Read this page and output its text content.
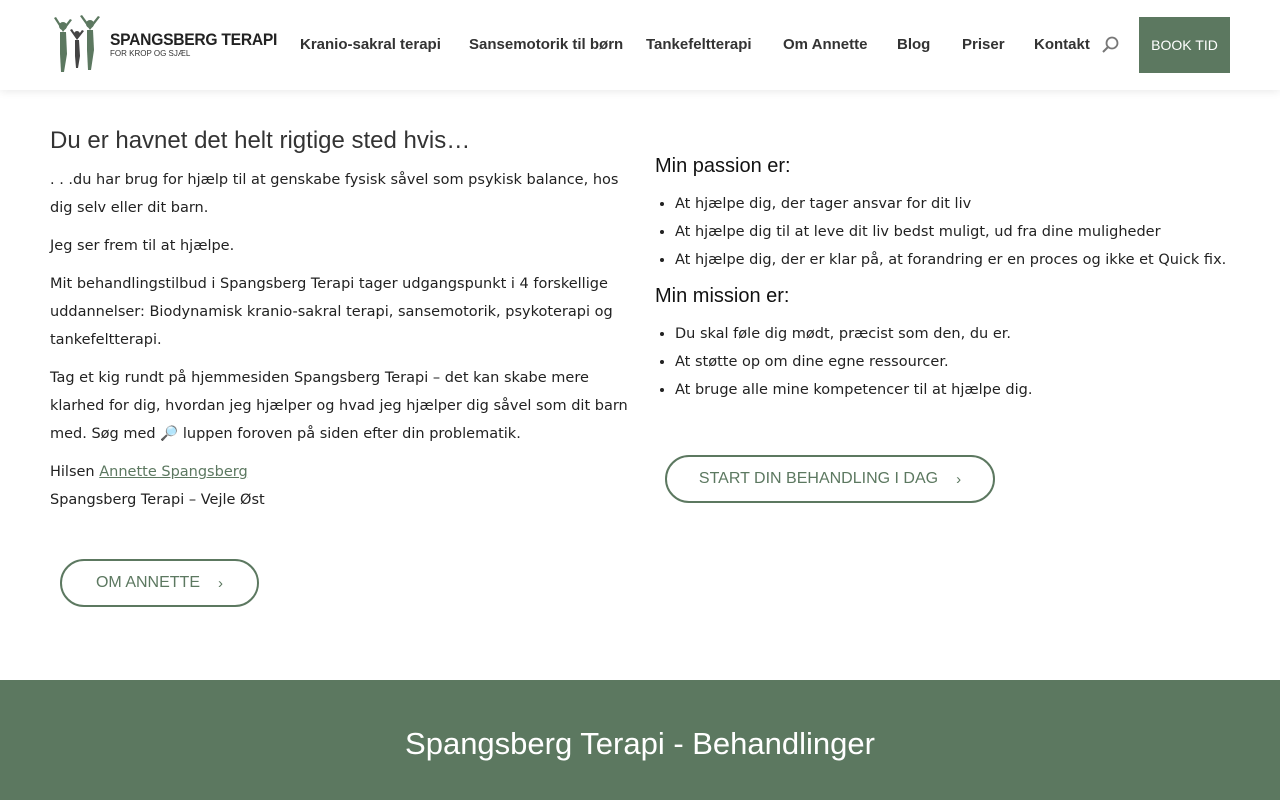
SPANGSBERG TERAPI
FOR KROP OG SJÆL
Kranio-sakral terapi Sansemotorik til børn Tankefeltterapi Om Annette Blog Priser Kontakt	BOOK TID
Du er havnet det helt rigtige sted hvis…

. . .du har brug for hjælp til at genskabe fysisk såvel som psykisk balance, hos dig selv eller dit barn.

Jeg ser frem til at hjælpe.

Mit behandlingstilbud i Spangsberg Terapi tager udgangspunkt i 4 forskellige uddannelser: Biodynamisk kranio-sakral terapi, sansemotorik, psykoterapi og tankefeltterapi.

Tag et kig rundt på hjemmesiden Spangsberg Terapi – det kan skabe mere klarhed for dig, hvordan jeg hjælper og hvad jeg hjælper dig såvel som dit barn med. Søg med 🔎 luppen foroven på siden efter din problematik.

Hilsen Annette Spangsberg
Spangsberg Terapi – Vejle Øst

OM ANNETTE ›
Min passion er:
• At hjælpe dig, der tager ansvar for dit liv
• At hjælpe dig til at leve dit liv bedst muligt, ud fra dine muligheder
• At hjælpe dig, der er klar på, at forandring er en proces og ikke et Quick fix.
Min mission er:
• Du skal føle dig mødt, præcist som den, du er.
• At støtte op om dine egne ressourcer.
• At bruge alle mine kompetencer til at hjælpe dig.
START DIN BEHANDLING I DAG ›
Spangsberg Terapi - Behandlinger
